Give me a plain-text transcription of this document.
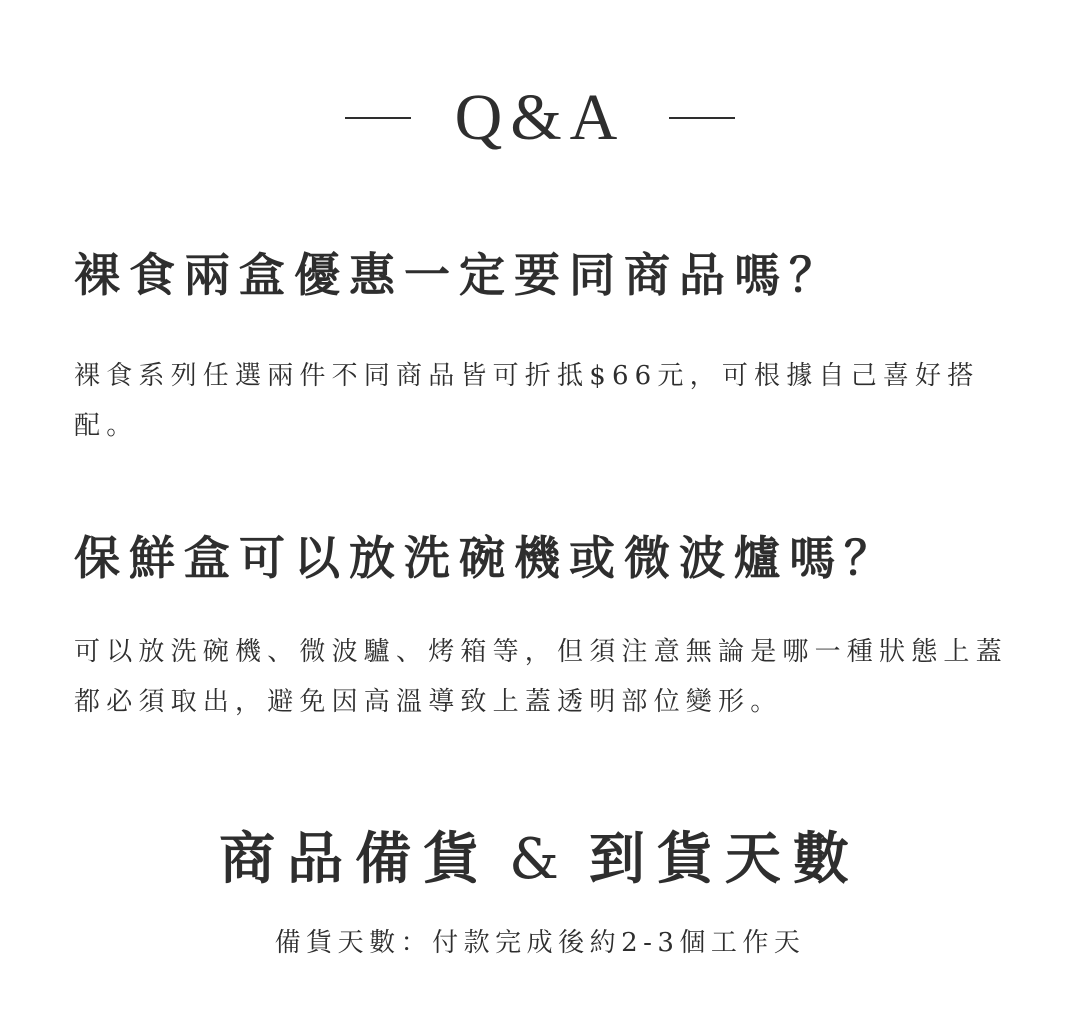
Q&A
裸食兩盒優惠一定要同商品嗎？

裸食系列任選兩件不同商品皆可折抵$66元，可根據自己喜好搭配。

保鮮盒可以放洗碗機或微波爐嗎？

可以放洗碗機、微波驢、烤箱等，但須注意無論是哪一種狀態上蓋都必須取出，避免因高溫導致上蓋透明部位變形。

商品備貨 & 到貨天數

備貨天數：付款完成後約2-3個工作天
